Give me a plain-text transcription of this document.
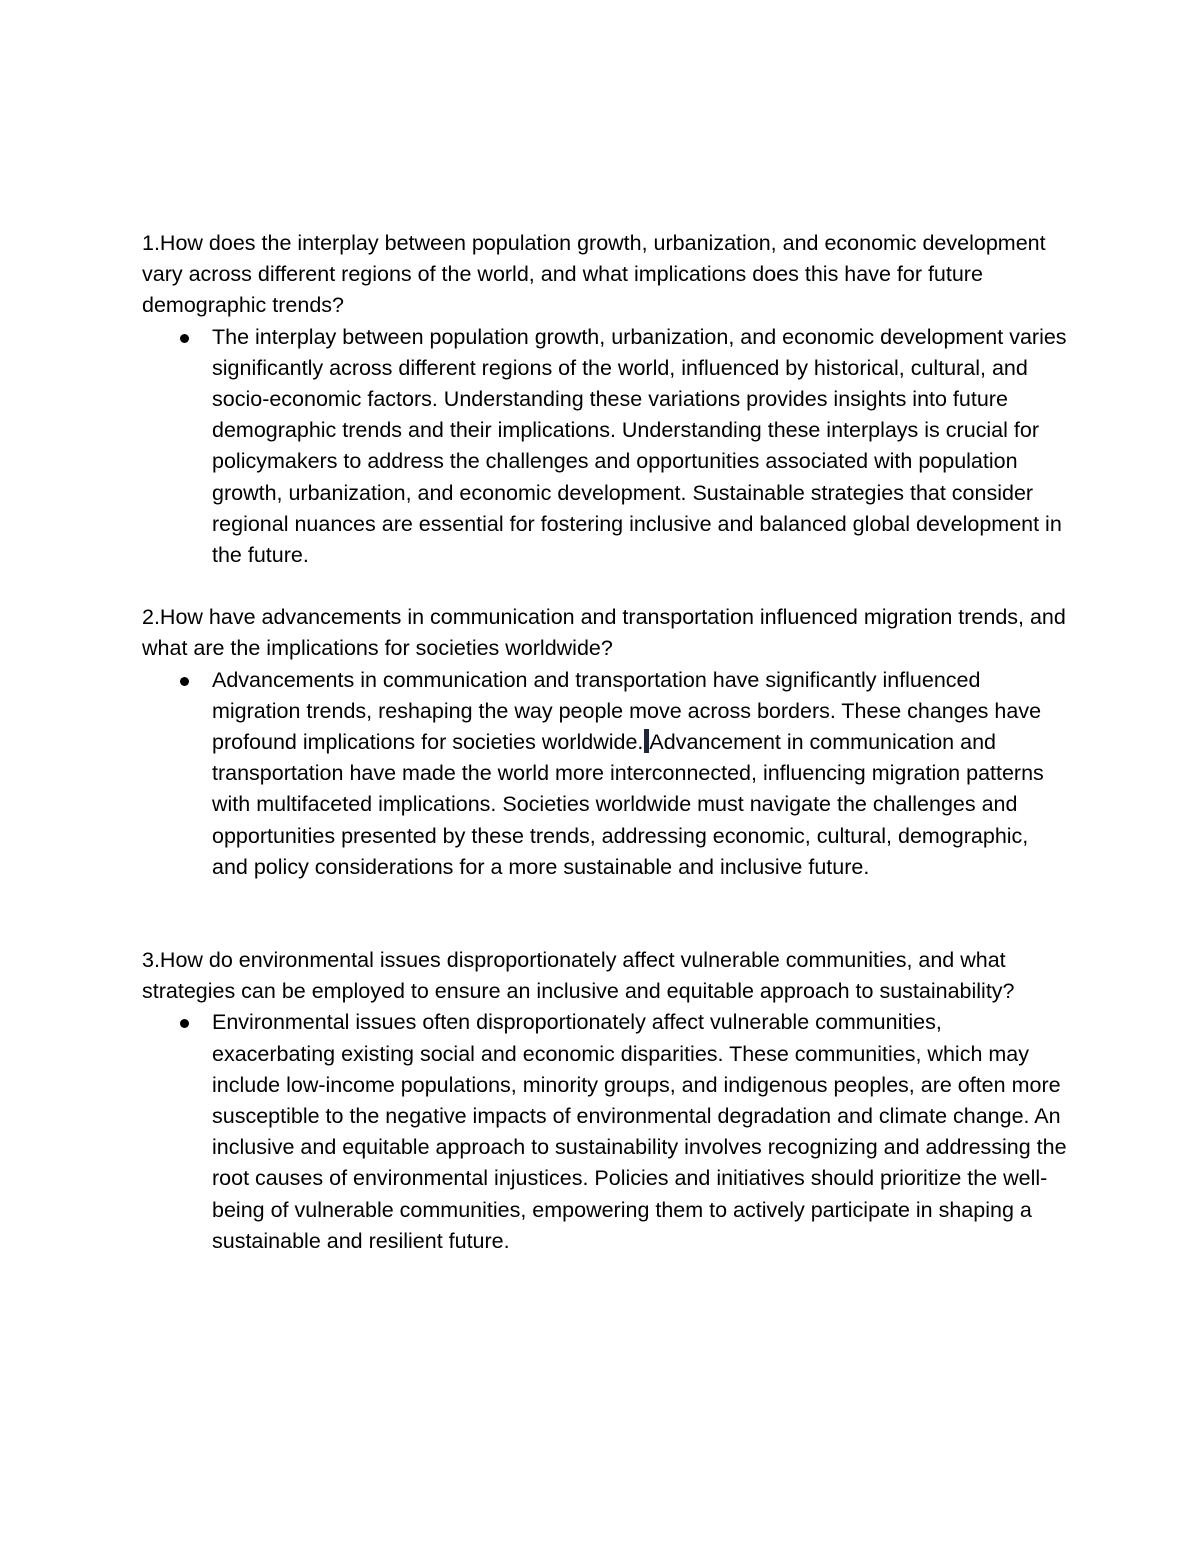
1.How does the interplay between population growth, urbanization, and economic development vary across different regions of the world, and what implications does this have for future demographic trends?

The interplay between population growth, urbanization, and economic development varies significantly across different regions of the world, influenced by historical, cultural, and socio-economic factors. Understanding these variations provides insights into future demographic trends and their implications. Understanding these interplays is crucial for policymakers to address the challenges and opportunities associated with population growth, urbanization, and economic development. Sustainable strategies that consider regional nuances are essential for fostering inclusive and balanced global development in the future.

2.How have advancements in communication and transportation influenced migration trends, and what are the implications for societies worldwide?

Advancements in communication and transportation have significantly influenced migration trends, reshaping the way people move across borders. These changes have profound implications for societies worldwide. Advancement in communication and transportation have made the world more interconnected, influencing migration patterns with multifaceted implications. Societies worldwide must navigate the challenges and opportunities presented by these trends, addressing economic, cultural, demographic, and policy considerations for a more sustainable and inclusive future.

3.How do environmental issues disproportionately affect vulnerable communities, and what strategies can be employed to ensure an inclusive and equitable approach to sustainability?

Environmental issues often disproportionately affect vulnerable communities, exacerbating existing social and economic disparities. These communities, which may include low-income populations, minority groups, and indigenous peoples, are often more susceptible to the negative impacts of environmental degradation and climate change. An inclusive and equitable approach to sustainability involves recognizing and addressing the root causes of environmental injustices. Policies and initiatives should prioritize the well-being of vulnerable communities, empowering them to actively participate in shaping a sustainable and resilient future.
